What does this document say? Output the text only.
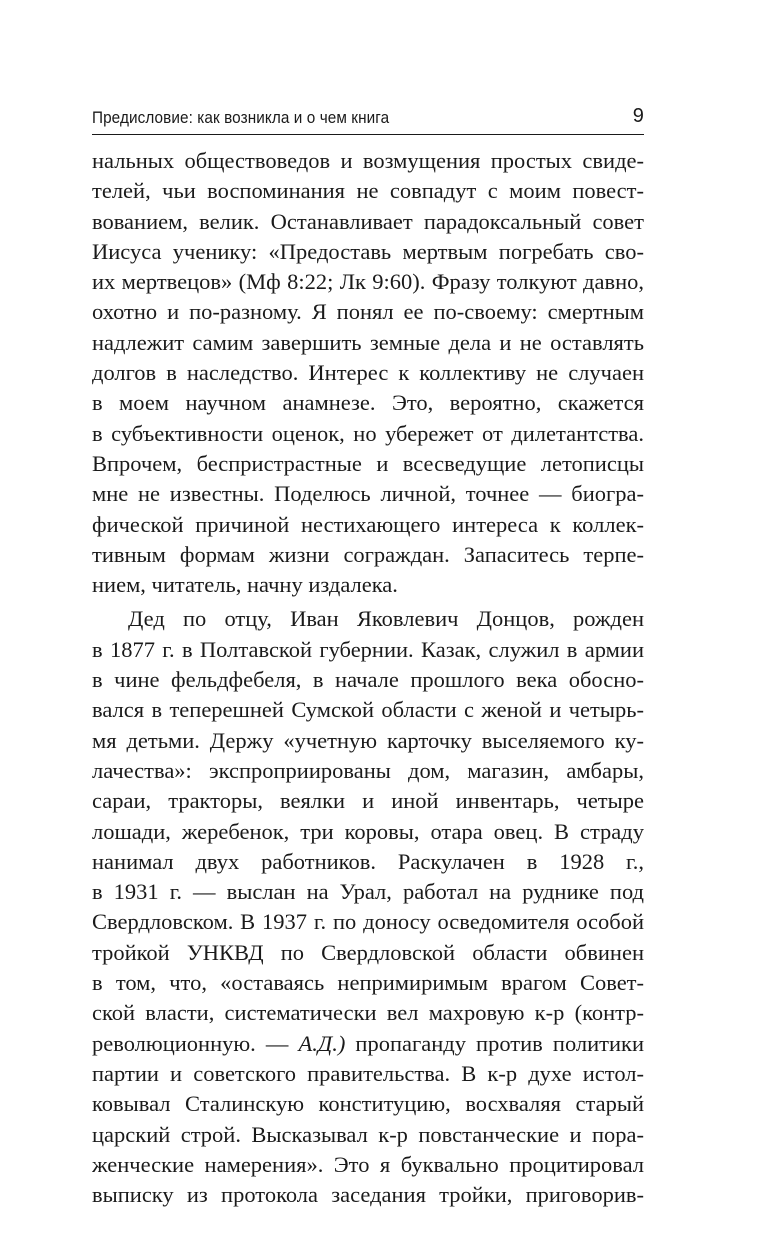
Предисловие: как возникла и о чем книга	9
нальных обществоведов и возмущения простых свиде-
телей, чьи воспоминания не совпадут с моим повест-
вованием, велик. Останавливает парадоксальный совет
Иисуса ученику: «Предоставь мертвым погребать сво-
их мертвецов» (Мф 8:22; Лк 9:60). Фразу толкуют давно,
охотно и по-разному. Я понял ее по-своему: смертным
надлежит самим завершить земные дела и не оставлять
долгов в наследство. Интерес к коллективу не случаен
в моем научном анамнезе. Это, вероятно, скажется
в субъективности оценок, но убережет от дилетантства.
Впрочем, беспристрастные и всесведущие летописцы
мне не известны. Поделюсь личной, точнее — биогра-
фической причиной нестихающего интереса к коллек-
тивным формам жизни сограждан. Запаситесь терпе-
нием, читатель, начну издалека.
Дед по отцу, Иван Яковлевич Донцов, рожден
в 1877 г. в Полтавской губернии. Казак, служил в армии
в чине фельдфебеля, в начале прошлого века обосно-
вался в теперешней Сумской области с женой и четырь-
мя детьми. Держу «учетную карточку выселяемого ку-
лачества»: экспроприированы дом, магазин, амбары,
сараи, тракторы, веялки и иной инвентарь, четыре
лошади, жеребенок, три коровы, отара овец. В страду
нанимал двух работников. Раскулачен в 1928 г.,
в 1931 г. — выслан на Урал, работал на руднике под
Свердловском. В 1937 г. по доносу осведомителя особой
тройкой УНКВД по Свердловской области обвинен
в том, что, «оставаясь непримиримым врагом Совет-
ской власти, систематически вел махровую к-р (контр-
революционную. — А.Д.) пропаганду против политики
партии и советского правительства. В к-р духе истол-
ковывал Сталинскую конституцию, восхваляя старый
царский строй. Высказывал к-р повстанческие и пора-
женческие намерения». Это я буквально процитировал
выписку из протокола заседания тройки, приговорив-
